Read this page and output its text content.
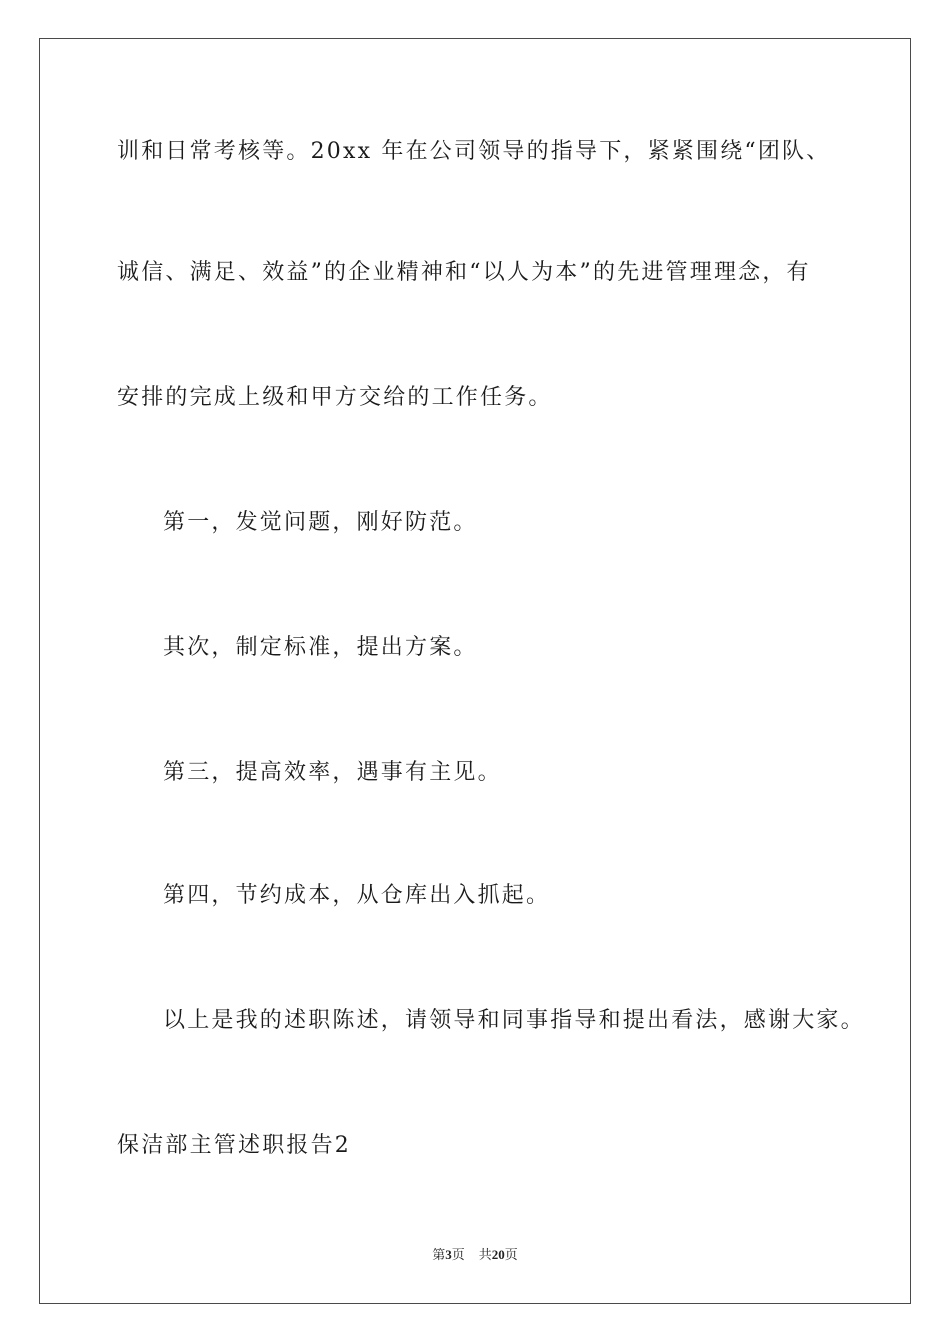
训和日常考核等。20xx 年在公司领导的指导下，紧紧围绕“团队、
诚信、满足、效益”的企业精神和“以人为本”的先进管理理念，有
安排的完成上级和甲方交给的工作任务。
第一，发觉问题，刚好防范。
其次，制定标准，提出方案。
第三，提高效率，遇事有主见。
第四，节约成本，从仓库出入抓起。
以上是我的述职陈述，请领导和同事指导和提出看法，感谢大家。
保洁部主管述职报告2
第3页 共20页
